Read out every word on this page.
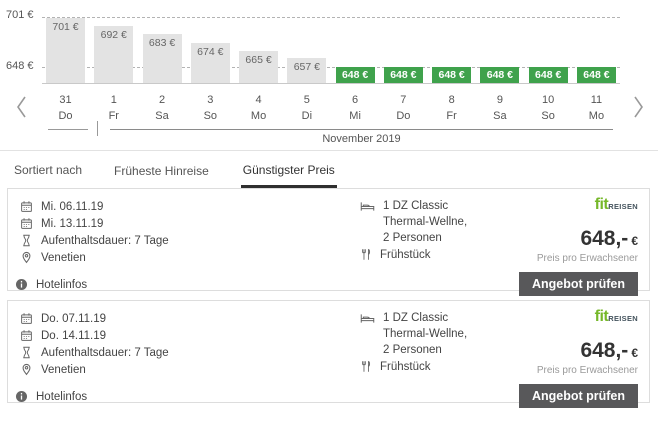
701 €
648 €
701 €
692 €
683 €
674 €
665 €
657 €
648 €	648 €	648 €	648 €	648 €	648 €
31
Do
1
Fr
2
Sa
3
So
4
Mo
5
Di
6
Mi
7
Do
8
Fr
9
Sa
10
So
11
Mo
November 2019
Sortiert nach	Früheste Hinreise	Günstigster Preis
Mi. 06.11.19
Mi. 13.11.19
Aufenthaltsdauer: 7 Tage
Venetien
Hotelinfos
1 DZ Classic Thermal-Wellne,
2 Personen
Frühstück
fitREISEN
648,- €
Preis pro Erwachsener
Angebot prüfen
Do. 07.11.19
Do. 14.11.19
Aufenthaltsdauer: 7 Tage
Venetien
Hotelinfos
1 DZ Classic Thermal-Wellne,
2 Personen
Frühstück
fitREISEN
648,- €
Preis pro Erwachsener
Angebot prüfen
